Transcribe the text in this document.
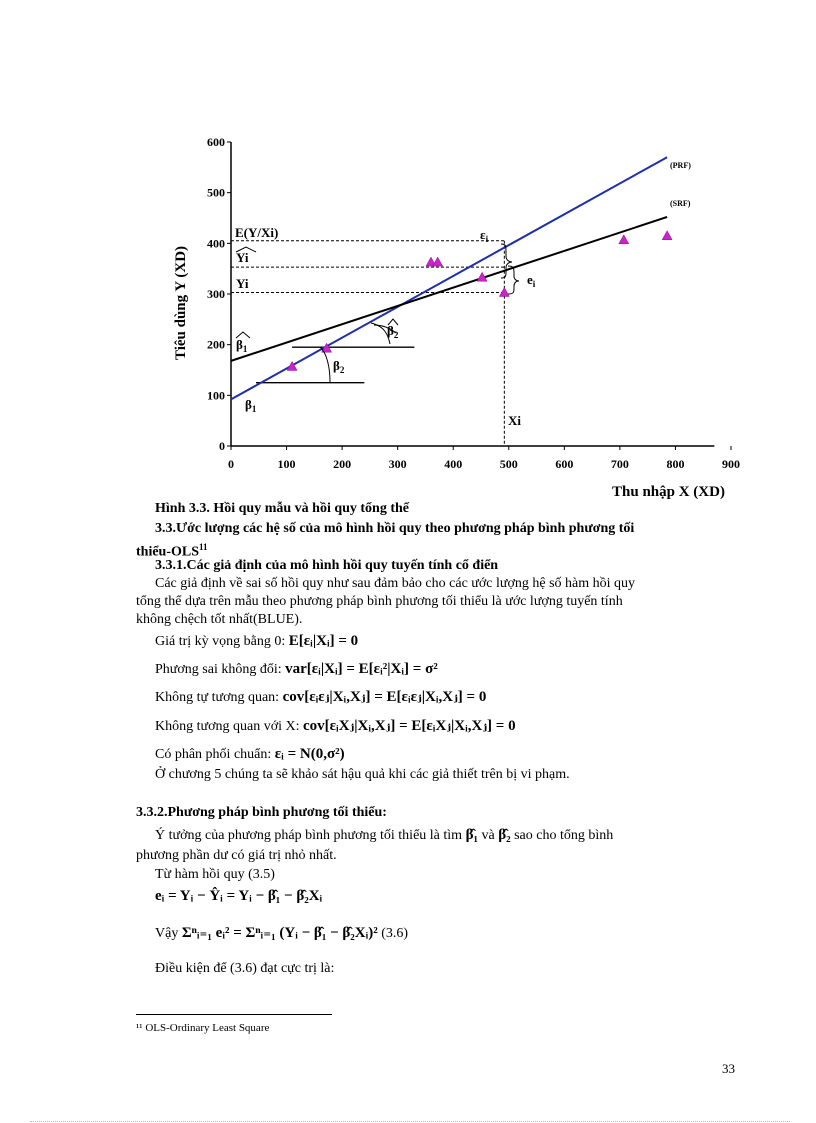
Tiêu dùng Y (XD)
0
100
200
300
400
500
600
0	100	200	300	400	500	600	700	800	900
(PRF)
(SRF)
E(Y/Xi)
Yi
Yi
$\varepsilon_i$
$e_i$
Xi
$\beta_1$
$\beta_2$
$\beta_2$
$\beta_1$
Thu nhập X (XD)
Hình 3.3. Hồi quy mẫu và hồi quy tổng thể
3.3.Ước lượng các hệ số của mô hình hồi quy theo phương pháp bình phương tối
thiểu-OLS$^{11}$
3.3.1.Các giả định của mô hình hồi quy tuyến tính cổ điển
Các giả định về sai số hồi quy như sau đảm bảo cho các ước lượng hệ số hàm hồi quy
tổng thể dựa trên mẫu theo phương pháp bình phương tối thiểu là ước lượng tuyến tính
không chệch tốt nhất(BLUE).
Giá trị kỳ vọng bằng 0: E[εᵢ|Xᵢ] = 0
Phương sai không đổi: var[εᵢ|Xᵢ] = E[εᵢ²|Xᵢ] = σ²
Không tự tương quan: cov[εᵢεⱼ|Xᵢ,Xⱼ] = E[εᵢεⱼ|Xᵢ,Xⱼ] = 0
Không tương quan với X: cov[εᵢXⱼ|Xᵢ,Xⱼ] = E[εᵢXⱼ|Xᵢ,Xⱼ] = 0
Có phân phối chuẩn: εᵢ = N(0,σ²)
Ở chương 5 chúng ta sẽ khảo sát hậu quả khi các giả thiết trên bị vi phạm.
3.3.2.Phương pháp bình phương tối thiểu:
Ý tưởng của phương pháp bình phương tối thiểu là tìm β̂₁ và β̂₂ sao cho tổng bình
phương phần dư có giá trị nhỏ nhất.
Từ hàm hồi quy (3.5)
eᵢ = Yᵢ − Ŷᵢ = Yᵢ − β̂₁ − β̂₂Xᵢ
Vậy Σⁿᵢ₌₁ eᵢ² = Σⁿᵢ₌₁ (Yᵢ − β̂₁ − β̂₂Xᵢ)² (3.6)
Điều kiện để (3.6) đạt cực trị là:
¹¹ OLS-Ordinary Least Square
33
